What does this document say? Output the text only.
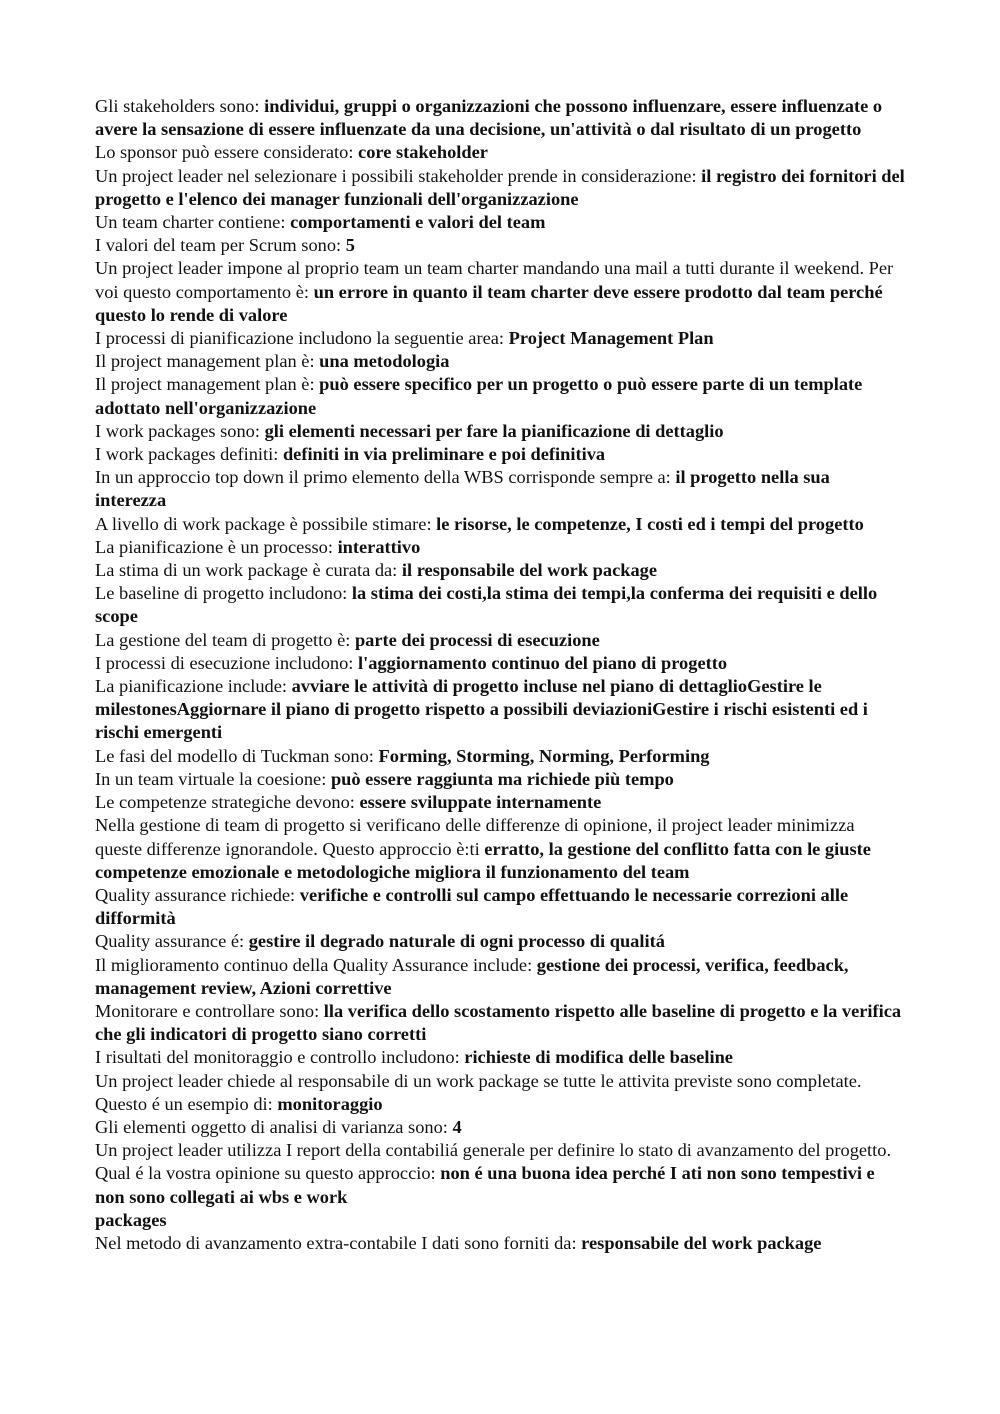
Gli stakeholders sono: individui, gruppi o organizzazioni che possono influenzare, essere influenzate o avere la sensazione di essere influenzate da una decisione, un'attività o dal risultato di un progetto

Lo sponsor può essere considerato: core stakeholder

Un project leader nel selezionare i possibili stakeholder prende in considerazione: il registro dei fornitori del progetto e l'elenco dei manager funzionali dell'organizzazione

Un team charter contiene: comportamenti e valori del team

I valori del team per Scrum sono: 5

Un project leader impone al proprio team un team charter mandando una mail a tutti durante il weekend. Per voi questo comportamento è: un errore in quanto il team charter deve essere prodotto dal team perché questo lo rende di valore

I processi di pianificazione includono la seguentie area: Project Management Plan

Il project management plan è: una metodologia

Il project management plan è: può essere specifico per un progetto o può essere parte di un template adottato nell'organizzazione

I work packages sono: gli elementi necessari per fare la pianificazione di dettaglio

I work packages definiti: definiti in via preliminare e poi definitiva

In un approccio top down il primo elemento della WBS corrisponde sempre a: il progetto nella sua interezza

A livello di work package è possibile stimare: le risorse, le competenze, I costi ed i tempi del progetto

La pianificazione è un processo: interattivo

La stima di un work package è curata da: il responsabile del work package

Le baseline di progetto includono: la stima dei costi,la stima dei tempi,la conferma dei requisiti e dello scope

La gestione del team di progetto è: parte dei processi di esecuzione

I processi di esecuzione includono: l'aggiornamento continuo del piano di progetto

La pianificazione include: avviare le attività di progetto incluse nel piano di dettaglioGestire le milestonesAggiornare il piano di progetto rispetto a possibili deviazioniGestire i rischi esistenti ed i rischi emergenti

Le fasi del modello di Tuckman sono: Forming, Storming, Norming, Performing

In un team virtuale la coesione: può essere raggiunta ma richiede più tempo

Le competenze strategiche devono: essere sviluppate internamente

Nella gestione di team di progetto si verificano delle differenze di opinione, il project leader minimizza queste differenze ignorandole. Questo approccio è:ti erratto, la gestione del conflitto fatta con le giuste competenze emozionale e metodologiche migliora il funzionamento del team

Quality assurance richiede: verifiche e controlli sul campo effettuando le necessarie correzioni alle difformità

Quality assurance é: gestire il degrado naturale di ogni processo di qualitá

Il miglioramento continuo della Quality Assurance include: gestione dei processi, verifica, feedback, management review, Azioni correttive

Monitorare e controllare sono: lla verifica dello scostamento rispetto alle baseline di progetto e la verifica che gli indicatori di progetto siano corretti

I risultati del monitoraggio e controllo includono: richieste di modifica delle baseline

Un project leader chiede al responsabile di un work package se tutte le attivita previste sono completate. Questo é un esempio di: monitoraggio

Gli elementi oggetto di analisi di varianza sono: 4

Un project leader utilizza I report della contabiliá generale per definire lo stato di avanzamento del progetto. Qual é la vostra opinione su questo approccio: non é una buona idea perché I ati non sono tempestivi e non sono collegati ai wbs e work
packages

Nel metodo di avanzamento extra-contabile I dati sono forniti da: responsabile del work package
